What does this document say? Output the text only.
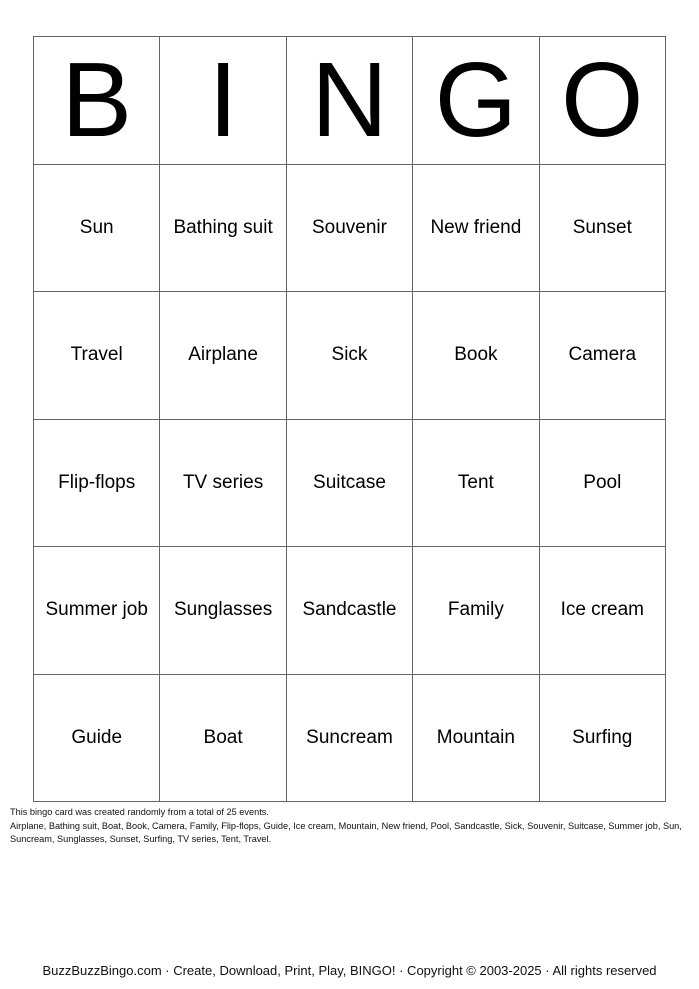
B	I	N	G	O
Sun	Bathing suit	Souvenir	New friend	Sunset
Travel	Airplane	Sick	Book	Camera
Flip-flops	TV series	Suitcase	Tent	Pool
Summer job	Sunglasses	Sandcastle	Family	Ice cream
Guide	Boat	Suncream	Mountain	Surfing
This bingo card was created randomly from a total of 25 events.
Airplane, Bathing suit, Boat, Book, Camera, Family, Flip-flops, Guide, Ice cream, Mountain, New friend, Pool, Sandcastle, Sick, Souvenir, Suitcase, Summer job, Sun, Suncream, Sunglasses, Sunset, Surfing, TV series, Tent, Travel.
BuzzBuzzBingo.com · Create, Download, Print, Play, BINGO! · Copyright © 2003-2025 · All rights reserved
